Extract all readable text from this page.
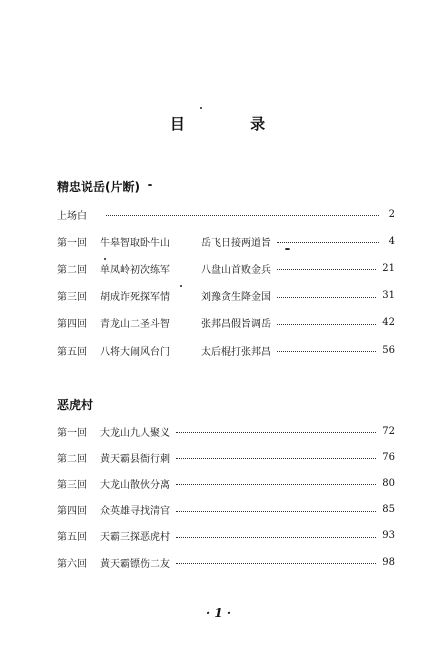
目 录
精忠说岳(片断)
上场白	2
第一回	牛皋智取卧牛山	岳飞日接两道旨	4
第二回	单凤岭初次练军	八盘山首败金兵	21
第三回	胡成诈死探军情	刘豫贪生降金国	31
第四回	青龙山二圣斗智	张邦昌假旨调岳	42
第五回	八将大闹风台门	太后棍打张邦昌	56
恶虎村
第一回	大龙山九人聚义	72
第二回	黄天霸县衙行刺	76
第三回	大龙山散伙分离	80
第四回	众英雄寻找清官	85
第五回	天霸三探恶虎村	93
第六回	黄天霸镖伤二友	98
· 1 ·
